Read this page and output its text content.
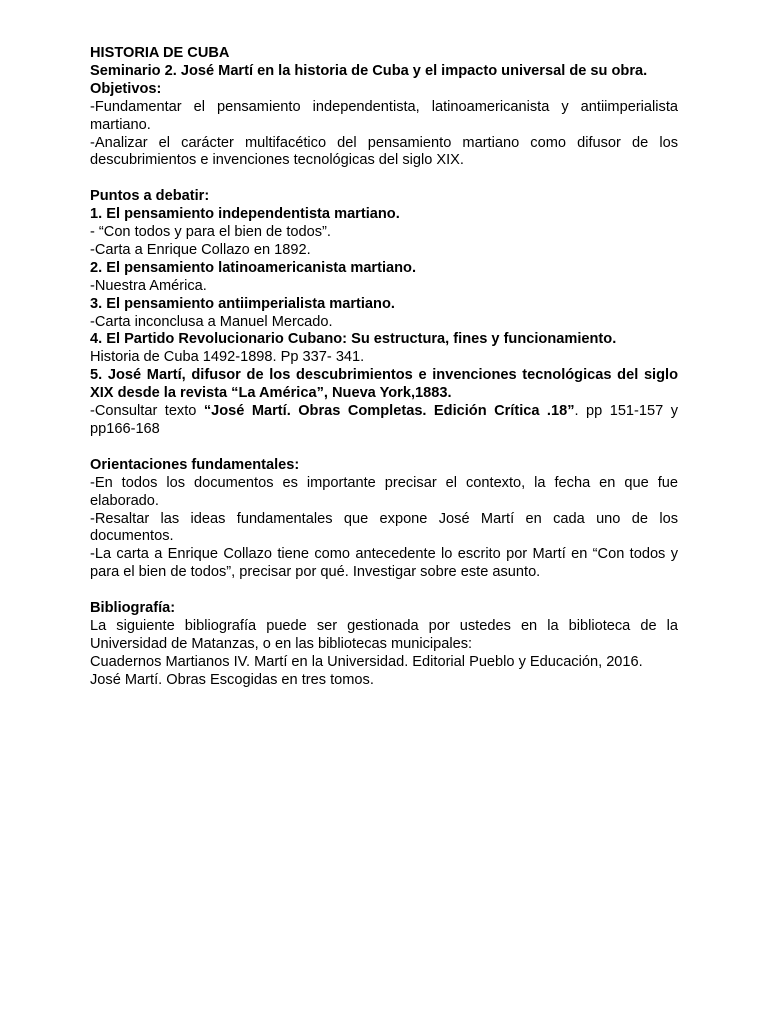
HISTORIA DE CUBA

Seminario 2. José Martí en la historia de Cuba y el impacto universal de su obra.

Objetivos:

-Fundamentar el pensamiento independentista, latinoamericanista y antiimperialista martiano.

-Analizar el carácter multifacético del pensamiento martiano como difusor de los descubrimientos e invenciones tecnológicas del siglo XIX.

Puntos a debatir:

1. El pensamiento independentista martiano.

- “Con todos y para el bien de todos”.

-Carta a Enrique Collazo en 1892.

2. El pensamiento latinoamericanista martiano.

-Nuestra América.

3. El pensamiento antiimperialista martiano.

-Carta inconclusa a Manuel Mercado.

4. El Partido Revolucionario Cubano: Su estructura, fines y funcionamiento.

Historia de Cuba 1492-1898. Pp 337- 341.

5. José Martí, difusor de los descubrimientos e invenciones tecnológicas del siglo XIX desde la revista “La América”, Nueva York,1883.

-Consultar texto “José Martí. Obras Completas. Edición Crítica .18”. pp 151-157 y pp166-168

Orientaciones fundamentales:

-En todos los documentos es importante precisar el contexto, la fecha en que fue elaborado.

-Resaltar las ideas fundamentales que expone José Martí en cada uno de los documentos.

-La carta a Enrique Collazo tiene como antecedente lo escrito por Martí en “Con todos y para el bien de todos”, precisar por qué. Investigar sobre este asunto.

Bibliografía:

La siguiente bibliografía puede ser gestionada por ustedes en la biblioteca de la Universidad de Matanzas, o en las bibliotecas municipales:

Cuadernos Martianos IV. Martí en la Universidad. Editorial Pueblo y Educación, 2016.

José Martí. Obras Escogidas en tres tomos.
